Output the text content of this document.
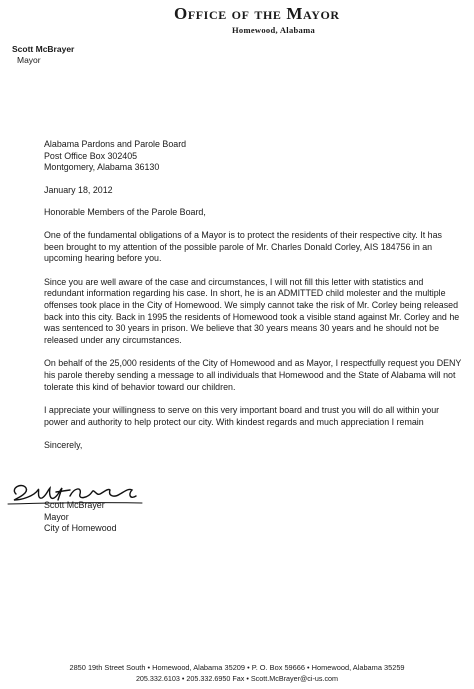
Office of the Mayor
Homewood, Alabama
Scott McBrayer
Mayor

Alabama Pardons and Parole Board

Post Office Box 302405

Montgomery, Alabama 36130

January 18, 2012

Honorable Members of the Parole Board,

One of the fundamental obligations of a Mayor is to protect the residents of their respective city. It has been brought to my attention of the possible parole of Mr. Charles Donald Corley, AIS 184756 in an upcoming hearing before you.

Since you are well aware of the case and circumstances, I will not fill this letter with statistics and redundant information regarding his case. In short, he is an ADMITTED child molester and the multiple offenses took place in the City of Homewood. We simply cannot take the risk of Mr. Corley being released back into this city. Back in 1995 the residents of Homewood took a visible stand against Mr. Corley and he was sentenced to 30 years in prison. We believe that 30 years means 30 years and he should not be released under any circumstances.

On behalf of the 25,000 residents of the City of Homewood and as Mayor, I respectfully request you DENY his parole thereby sending a message to all individuals that Homewood and the State of Alabama will not tolerate this kind of behavior toward our children.

I appreciate your willingness to serve on this very important board and trust you will do all within your power and authority to help protect our city. With kindest regards and much appreciation I remain

Sincerely,

Scott McBrayer

Mayor

City of Homewood

2850 19th Street South • Homewood, Alabama 35209 • P. O. Box 59666 • Homewood, Alabama 35259
205.332.6103 • 205.332.6950 Fax • Scott.McBrayer@ci-us.com
